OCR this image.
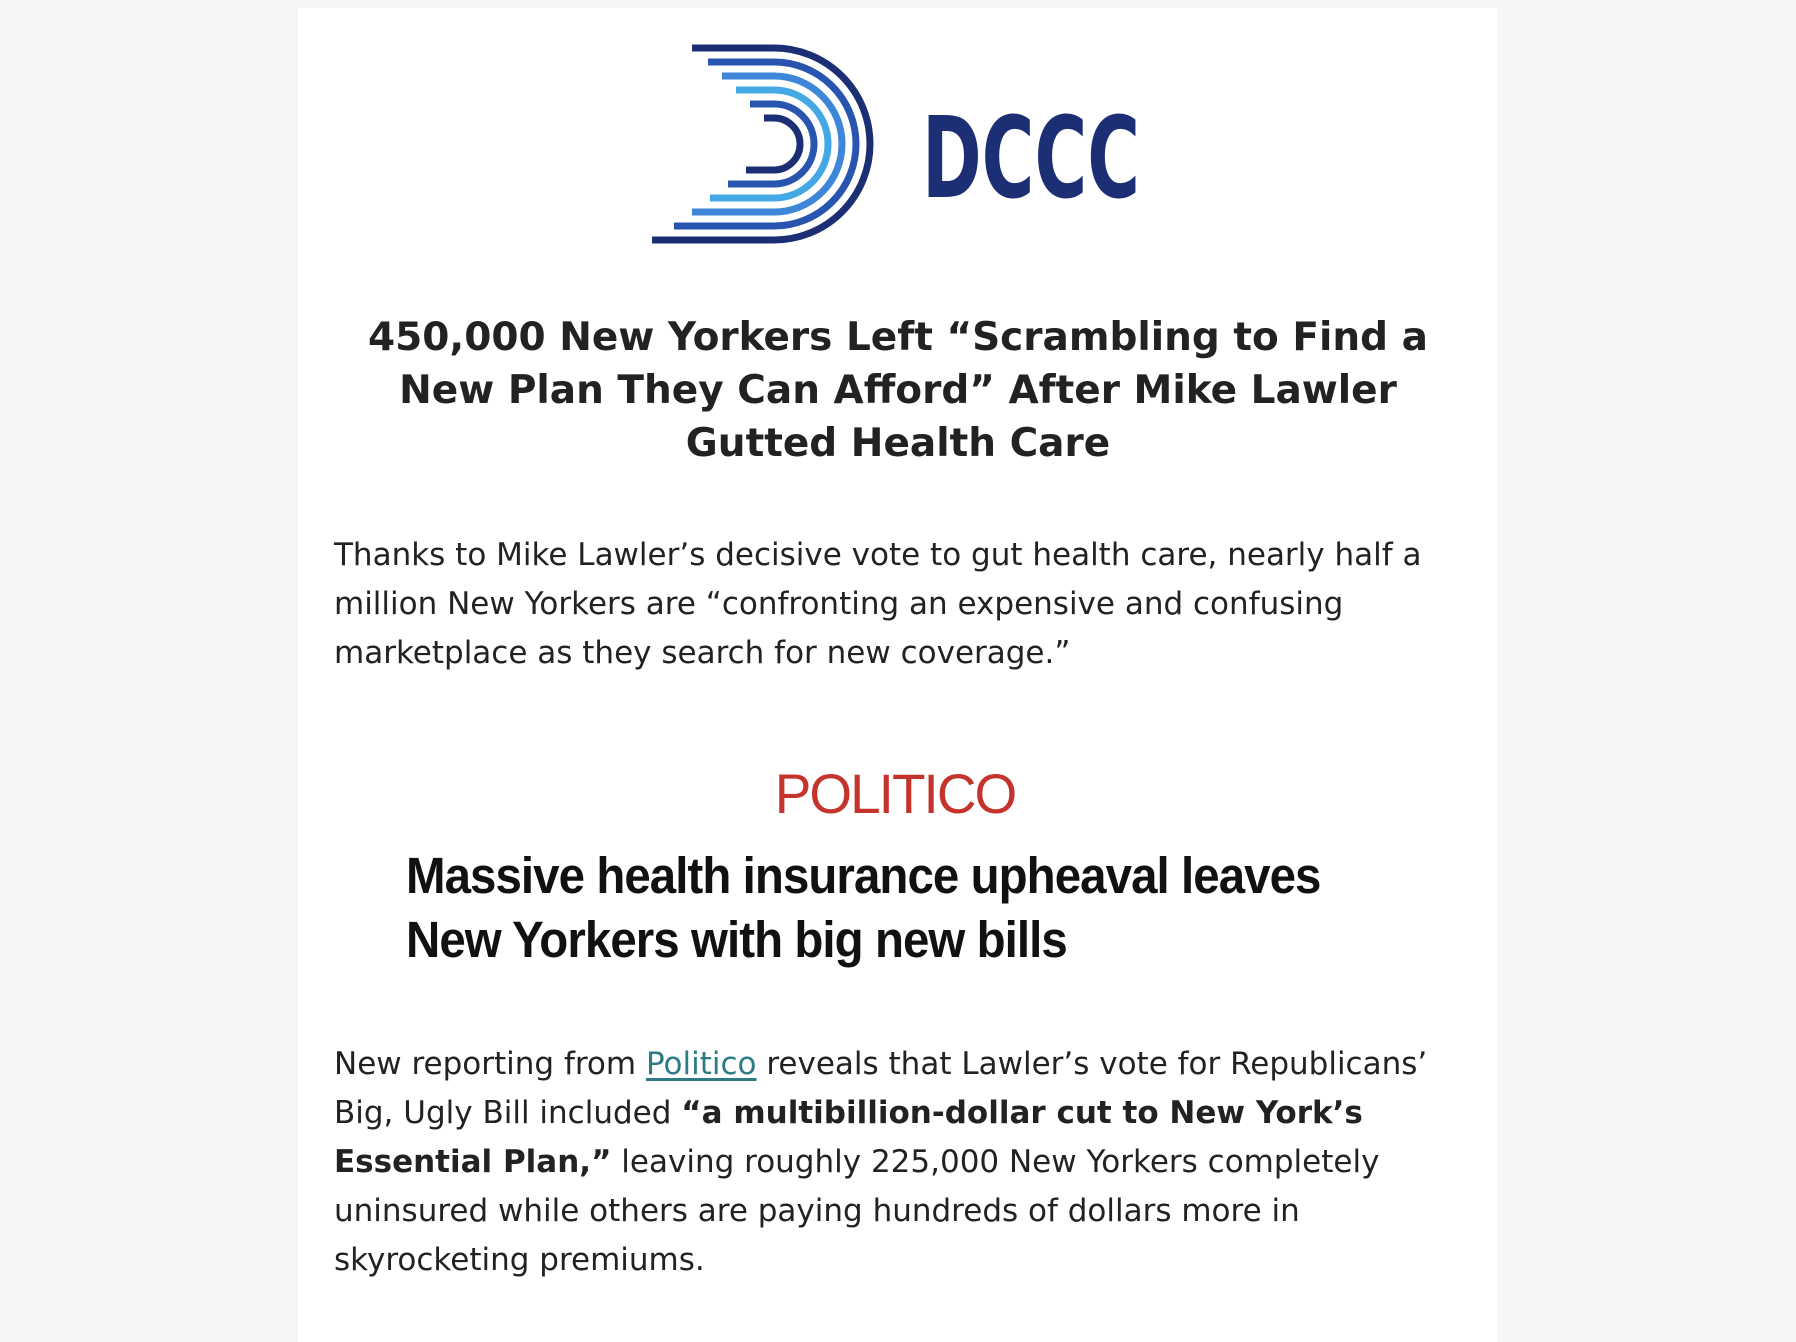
DCCC
450,000 New Yorkers Left “Scrambling to Find a New Plan They Can Afford” After Mike Lawler Gutted Health Care

Thanks to Mike Lawler’s decisive vote to gut health care, nearly half a million New Yorkers are “confronting an expensive and confusing marketplace as they search for new coverage.”

POLITICO
Massive health insurance upheaval leaves New Yorkers with big new bills

New reporting from Politico reveals that Lawler’s vote for Republicans’ Big, Ugly Bill included “a multibillion-dollar cut to New York’s Essential Plan,” leaving roughly 225,000 New Yorkers completely uninsured while others are paying hundreds of dollars more in skyrocketing premiums.
